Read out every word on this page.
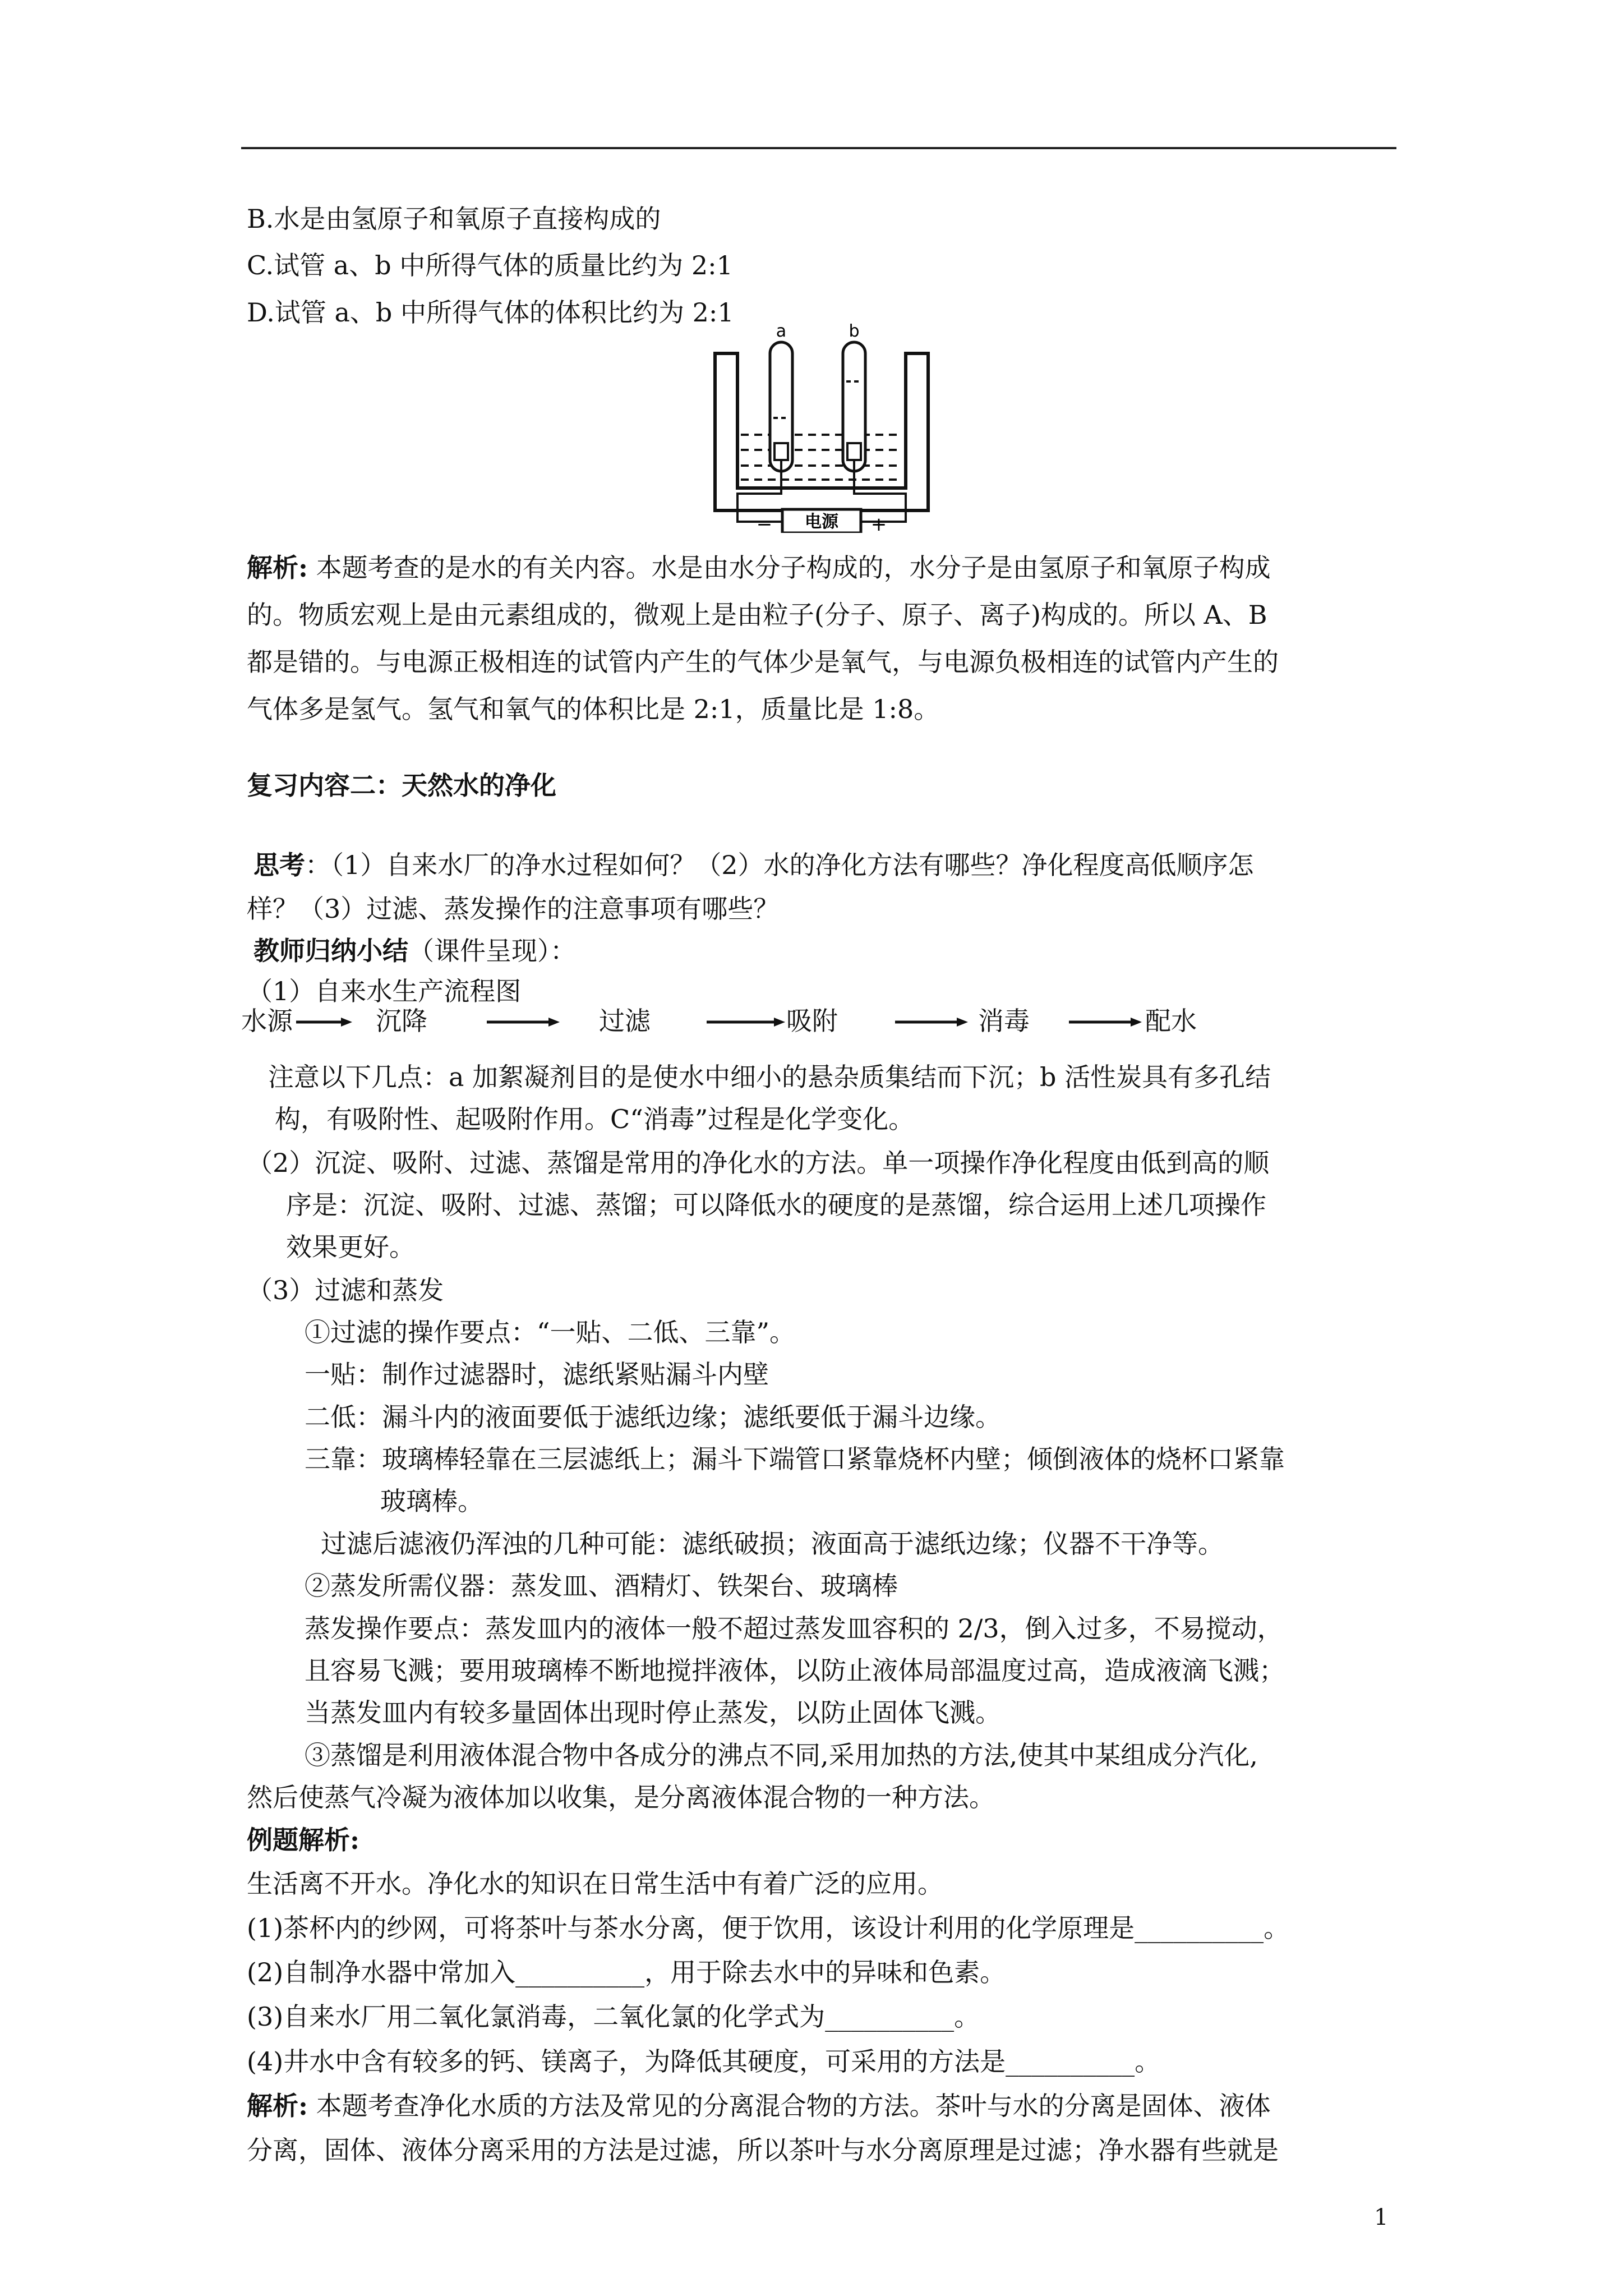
B.水是由氢原子和氧原子直接构成的
C.试管 a、b 中所得气体的质量比约为 2:1
D.试管 a、b 中所得气体的体积比约为 2:1
电源
−	+
a	b
解析: 本题考查的是水的有关内容。水是由水分子构成的，水分子是由氢原子和氧原子构成
的。物质宏观上是由元素组成的，微观上是由粒子(分子、原子、离子)构成的。所以 A、B
都是错的。与电源正极相连的试管内产生的气体少是氧气，与电源负极相连的试管内产生的
气体多是氢气。氢气和氧气的体积比是 2:1，质量比是 1:8。
复习内容二：天然水的净化
思考：（1）自来水厂的净水过程如何？（2）水的净化方法有哪些？净化程度高低顺序怎
样？（3）过滤、蒸发操作的注意事项有哪些？
教师归纳小结（课件呈现）：
（1）自来水生产流程图
水源	沉降	过滤	吸附	消毒	配水
注意以下几点：a 加絮凝剂目的是使水中细小的悬杂质集结而下沉；b 活性炭具有多孔结
构，有吸附性、起吸附作用。C“消毒”过程是化学变化。
（2）沉淀、吸附、过滤、蒸馏是常用的净化水的方法。单一项操作净化程度由低到高的顺
序是：沉淀、吸附、过滤、蒸馏；可以降低水的硬度的是蒸馏，综合运用上述几项操作
效果更好。
（3）过滤和蒸发
①过滤的操作要点：“一贴、二低、三靠”。
一贴：制作过滤器时，滤纸紧贴漏斗内壁
二低：漏斗内的液面要低于滤纸边缘；滤纸要低于漏斗边缘。
三靠：玻璃棒轻靠在三层滤纸上；漏斗下端管口紧靠烧杯内壁；倾倒液体的烧杯口紧靠
玻璃棒。
过滤后滤液仍浑浊的几种可能：滤纸破损；液面高于滤纸边缘；仪器不干净等。
②蒸发所需仪器：蒸发皿、酒精灯、铁架台、玻璃棒
蒸发操作要点：蒸发皿内的液体一般不超过蒸发皿容积的 2/3，倒入过多，不易搅动，
且容易飞溅；要用玻璃棒不断地搅拌液体，以防止液体局部温度过高，造成液滴飞溅；
当蒸发皿内有较多量固体出现时停止蒸发，以防止固体飞溅。
③蒸馏是利用液体混合物中各成分的沸点不同,采用加热的方法,使其中某组成分汽化,
然后使蒸气冷凝为液体加以收集，是分离液体混合物的一种方法。
例题解析:
生活离不开水。净化水的知识在日常生活中有着广泛的应用。
(1)茶杯内的纱网，可将茶叶与茶水分离，便于饮用，该设计利用的化学原理是__________。
(2)自制净水器中常加入__________，用于除去水中的异味和色素。
(3)自来水厂用二氧化氯消毒，二氧化氯的化学式为__________。
(4)井水中含有较多的钙、镁离子，为降低其硬度，可采用的方法是__________。
解析: 本题考查净化水质的方法及常见的分离混合物的方法。茶叶与水的分离是固体、液体
分离，固体、液体分离采用的方法是过滤，所以茶叶与水分离原理是过滤；净水器有些就是
1
